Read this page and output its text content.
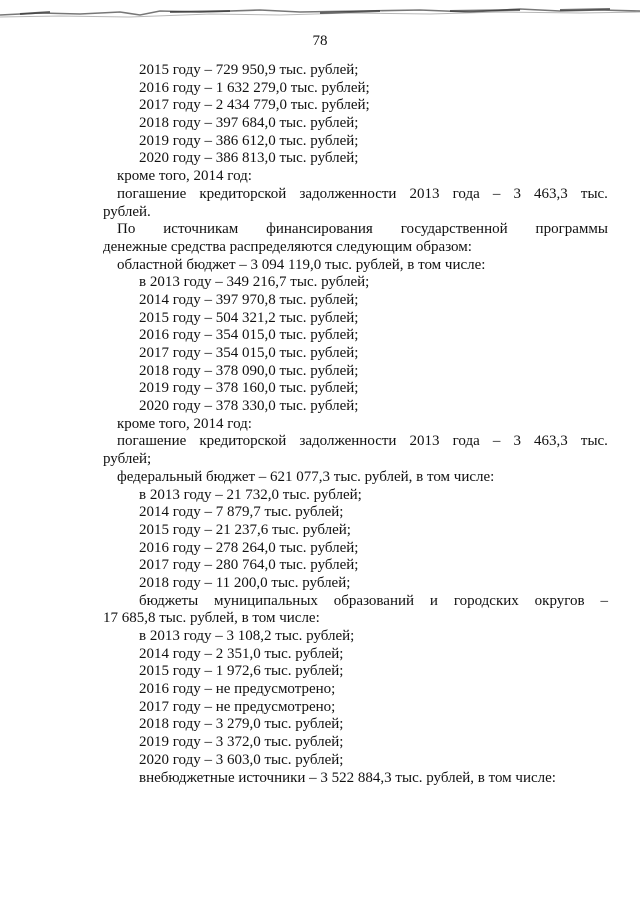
78
2015 году – 729 950,9 тыс. рублей;
2016 году – 1 632 279,0 тыс. рублей;
2017 году – 2 434 779,0 тыс. рублей;
2018 году – 397 684,0 тыс. рублей;
2019 году – 386 612,0 тыс. рублей;
2020 году – 386 813,0 тыс. рублей;
кроме того, 2014 год:
погашение кредиторской задолженности 2013 года – 3 463,3 тыс.
рублей.
По источникам финансирования государственной программы
денежные средства распределяются следующим образом:
областной бюджет – 3 094 119,0 тыс. рублей, в том числе:
в 2013 году – 349 216,7 тыс. рублей;
2014 году – 397 970,8 тыс. рублей;
2015 году – 504 321,2 тыс. рублей;
2016 году – 354 015,0 тыс. рублей;
2017 году – 354 015,0 тыс. рублей;
2018 году – 378 090,0 тыс. рублей;
2019 году – 378 160,0 тыс. рублей;
2020 году – 378 330,0 тыс. рублей;
кроме того, 2014 год:
погашение кредиторской задолженности 2013 года – 3 463,3 тыс.
рублей;
федеральный бюджет – 621 077,3 тыс. рублей, в том числе:
в 2013 году – 21 732,0 тыс. рублей;
2014 году – 7 879,7 тыс. рублей;
2015 году – 21 237,6 тыс. рублей;
2016 году – 278 264,0 тыс. рублей;
2017 году – 280 764,0 тыс. рублей;
2018 году – 11 200,0 тыс. рублей;
бюджеты муниципальных образований и городских округов –
17 685,8 тыс. рублей, в том числе:
в 2013 году – 3 108,2 тыс. рублей;
2014 году – 2 351,0 тыс. рублей;
2015 году – 1 972,6 тыс. рублей;
2016 году – не предусмотрено;
2017 году – не предусмотрено;
2018 году – 3 279,0 тыс. рублей;
2019 году – 3 372,0 тыс. рублей;
2020 году – 3 603,0 тыс. рублей;
внебюджетные источники – 3 522 884,3 тыс. рублей, в том числе:
